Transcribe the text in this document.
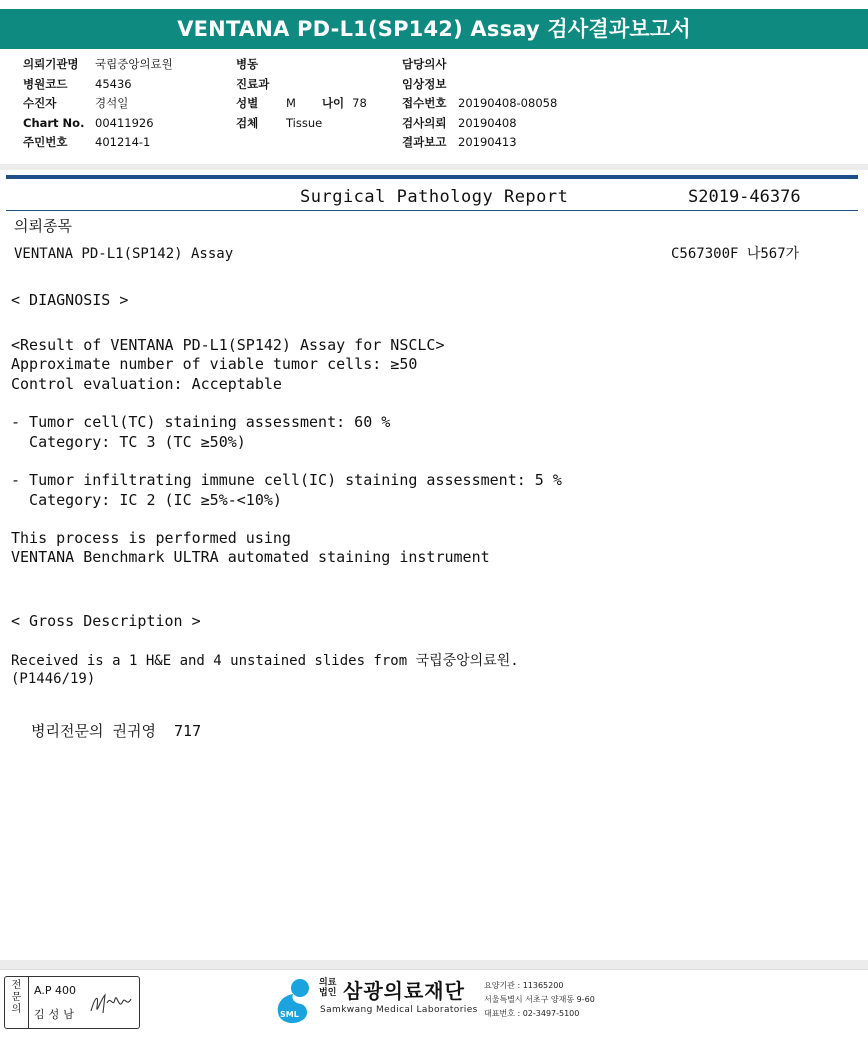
VENTANA PD-L1(SP142) Assay 검사결과보고서
의뢰기관명 국립중앙의료원
병원코드 45436
수진자	경석일
Chart No. 00411926
주민번호 401214-1
병동
진료과
성별 M 나이 78
검체 Tissue
담당의사
임상정보
접수번호 20190408-08058
검사의뢰 20190408
결과보고 20190413
Surgical Pathology Report	S2019-46376
의뢰종목
VENTANA PD-L1(SP142) Assay	C567300F 나567가
< DIAGNOSIS >
<Result of VENTANA PD-L1(SP142) Assay for NSCLC>
Approximate number of viable tumor cells: ≥50
Control evaluation: Acceptable
- Tumor cell(TC) staining assessment: 60 %
Category: TC 3 (TC ≥50%)
- Tumor infiltrating immune cell(IC) staining assessment: 5 %
Category: IC 2 (IC ≥5%-<10%)
This process is performed using
VENTANA Benchmark ULTRA automated staining instrument
< Gross Description >
Received is a 1 H&E and 4 unstained slides from 국립중앙의료원.
(P1446/19)
병리전문의 권귀영  717
전문의
A.P 400
김성남	SML
의료
법인 삼광의료재단
Samkwang Medical Laboratories
요양기관 : 11365200
서울특별시 서초구 양재동 9-60
대표번호 : 02-3497-5100
